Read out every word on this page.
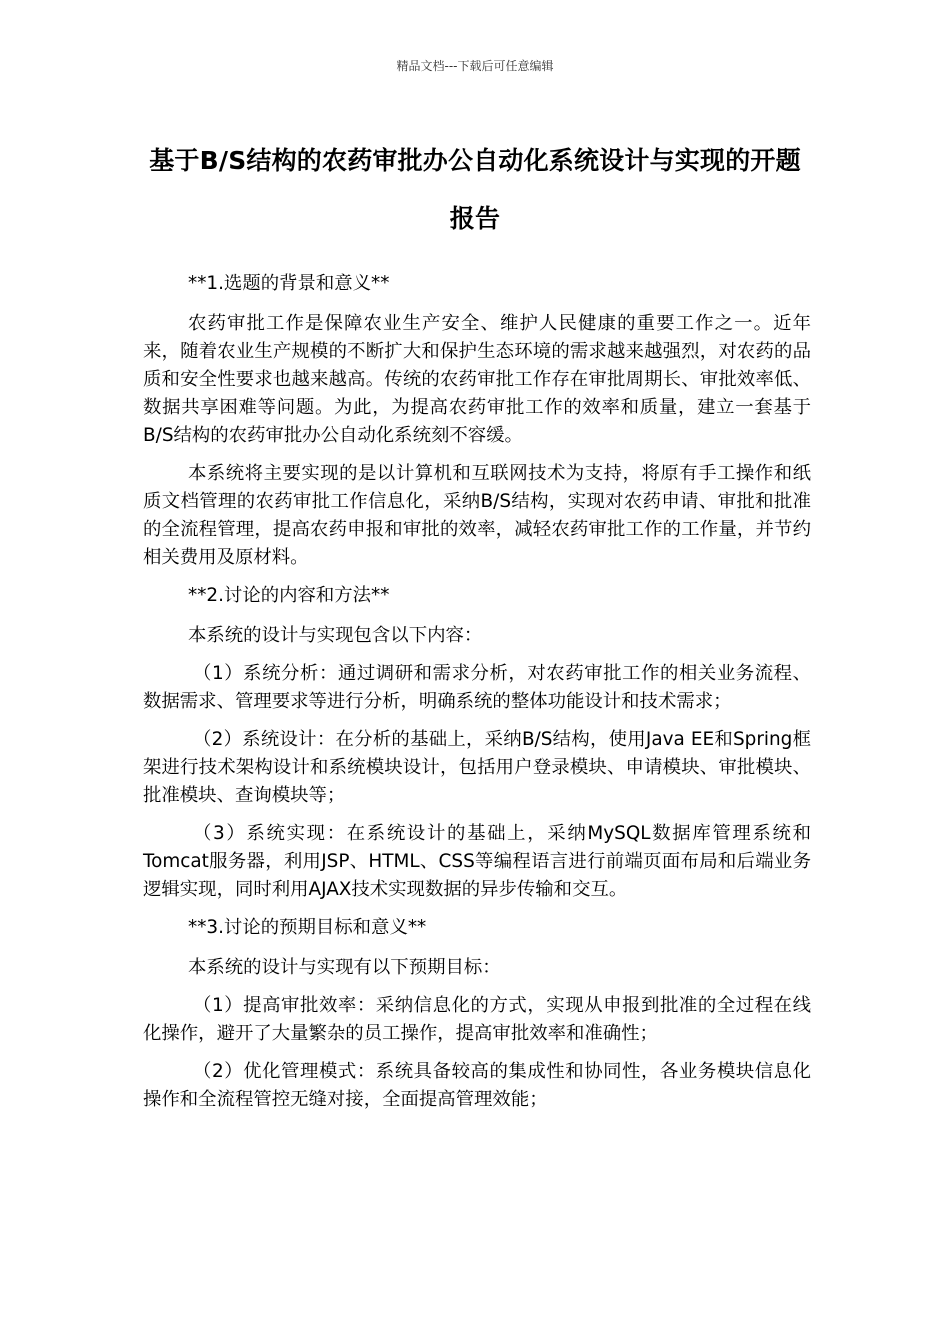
精品文档---下载后可任意编辑
基于B/S结构的农药审批办公自动化系统设计与实现的开题报告

**1.选题的背景和意义**

农药审批工作是保障农业生产安全、维护人民健康的重要工作之一。近年来，随着农业生产规模的不断扩大和保护生态环境的需求越来越强烈，对农药的品质和安全性要求也越来越高。传统的农药审批工作存在审批周期长、审批效率低、数据共享困难等问题。为此，为提高农药审批工作的效率和质量，建立一套基于B/S结构的农药审批办公自动化系统刻不容缓。

本系统将主要实现的是以计算机和互联网技术为支持，将原有手工操作和纸质文档管理的农药审批工作信息化，采纳B/S结构，实现对农药申请、审批和批准的全流程管理，提高农药申报和审批的效率，减轻农药审批工作的工作量，并节约相关费用及原材料。

**2.讨论的内容和方法**

本系统的设计与实现包含以下内容：

（1）系统分析：通过调研和需求分析，对农药审批工作的相关业务流程、数据需求、管理要求等进行分析，明确系统的整体功能设计和技术需求；

（2）系统设计：在分析的基础上，采纳B/S结构，使用Java EE和Spring框架进行技术架构设计和系统模块设计，包括用户登录模块、申请模块、审批模块、批准模块、查询模块等；

（3）系统实现：在系统设计的基础上，采纳MySQL数据库管理系统和Tomcat服务器，利用JSP、HTML、CSS等编程语言进行前端页面布局和后端业务逻辑实现，同时利用AJAX技术实现数据的异步传输和交互。

**3.讨论的预期目标和意义**

本系统的设计与实现有以下预期目标：

（1）提高审批效率：采纳信息化的方式，实现从申报到批准的全过程在线化操作，避开了大量繁杂的员工操作，提高审批效率和准确性；

（2）优化管理模式：系统具备较高的集成性和协同性，各业务模块信息化操作和全流程管控无缝对接，全面提高管理效能；
